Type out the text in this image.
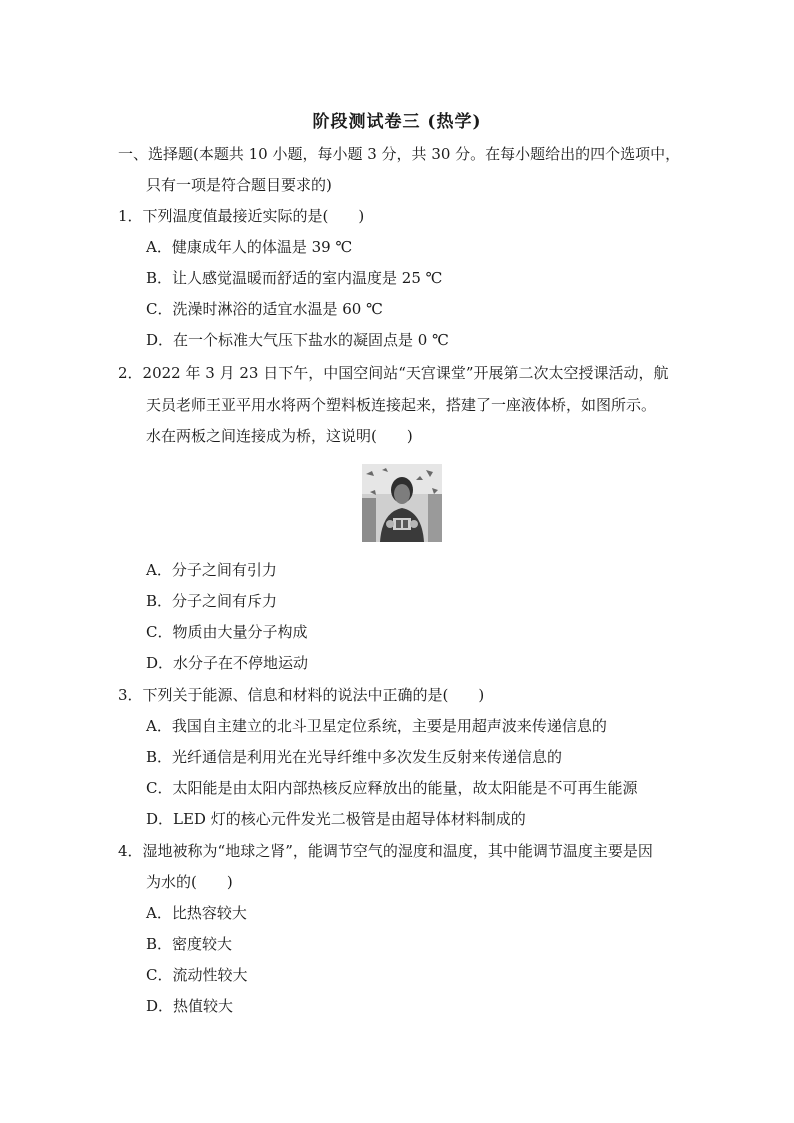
阶段测试卷三 (热学)
一、选择题(本题共 10 小题，每小题 3 分，共 30 分。在每小题给出的四个选项中，
只有一项是符合题目要求的)
1．下列温度值最接近实际的是(　　)
A．健康成年人的体温是 39 ℃
B．让人感觉温暖而舒适的室内温度是 25 ℃
C．洗澡时淋浴的适宜水温是 60 ℃
D．在一个标准大气压下盐水的凝固点是 0 ℃
2．2022 年 3 月 23 日下午，中国空间站“天宫课堂”开展第二次太空授课活动，航
天员老师王亚平用水将两个塑料板连接起来，搭建了一座液体桥，如图所示。
水在两板之间连接成为桥，这说明(　　)
A．分子之间有引力
B．分子之间有斥力
C．物质由大量分子构成
D．水分子在不停地运动
3．下列关于能源、信息和材料的说法中正确的是(　　)
A．我国自主建立的北斗卫星定位系统，主要是用超声波来传递信息的
B．光纤通信是利用光在光导纤维中多次发生反射来传递信息的
C．太阳能是由太阳内部热核反应释放出的能量，故太阳能是不可再生能源
D．LED 灯的核心元件发光二极管是由超导体材料制成的
4．湿地被称为“地球之肾”，能调节空气的湿度和温度，其中能调节温度主要是因
为水的(　　)
A．比热容较大
B．密度较大
C．流动性较大
D．热值较大
